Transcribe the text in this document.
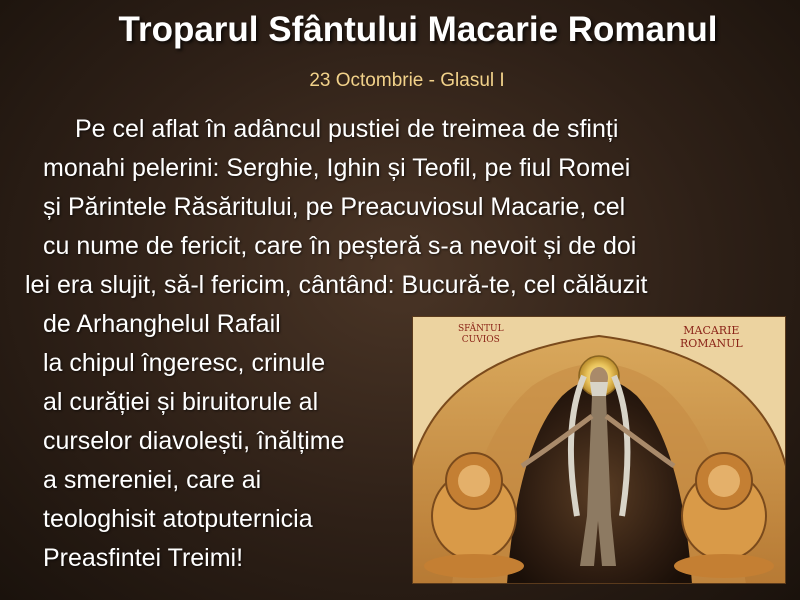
Troparul Sfântului Macarie Romanul
23 Octombrie - Glasul I
Pe cel aflat în adâncul pustiei de treimea de sfinți
monahi pelerini: Serghie, Ighin și Teofil, pe fiul Romei
și Părintele Răsăritului, pe Preacuviosul Macarie, cel
cu nume de fericit, care în peșteră s-a nevoit și de doi
lei era slujit, să-l fericim, cântând: Bucură-te, cel călăuzit
de Arhanghelul Rafail
la chipul îngeresc, crinule
al curăției și biruitorule al
curselor diavolești, înălțime
a smereniei, care ai
teologhisit atotputernicia
Preasfintei Treimi!
SFÂNTUL
CUVIOS
MACARIE
ROMANUL
